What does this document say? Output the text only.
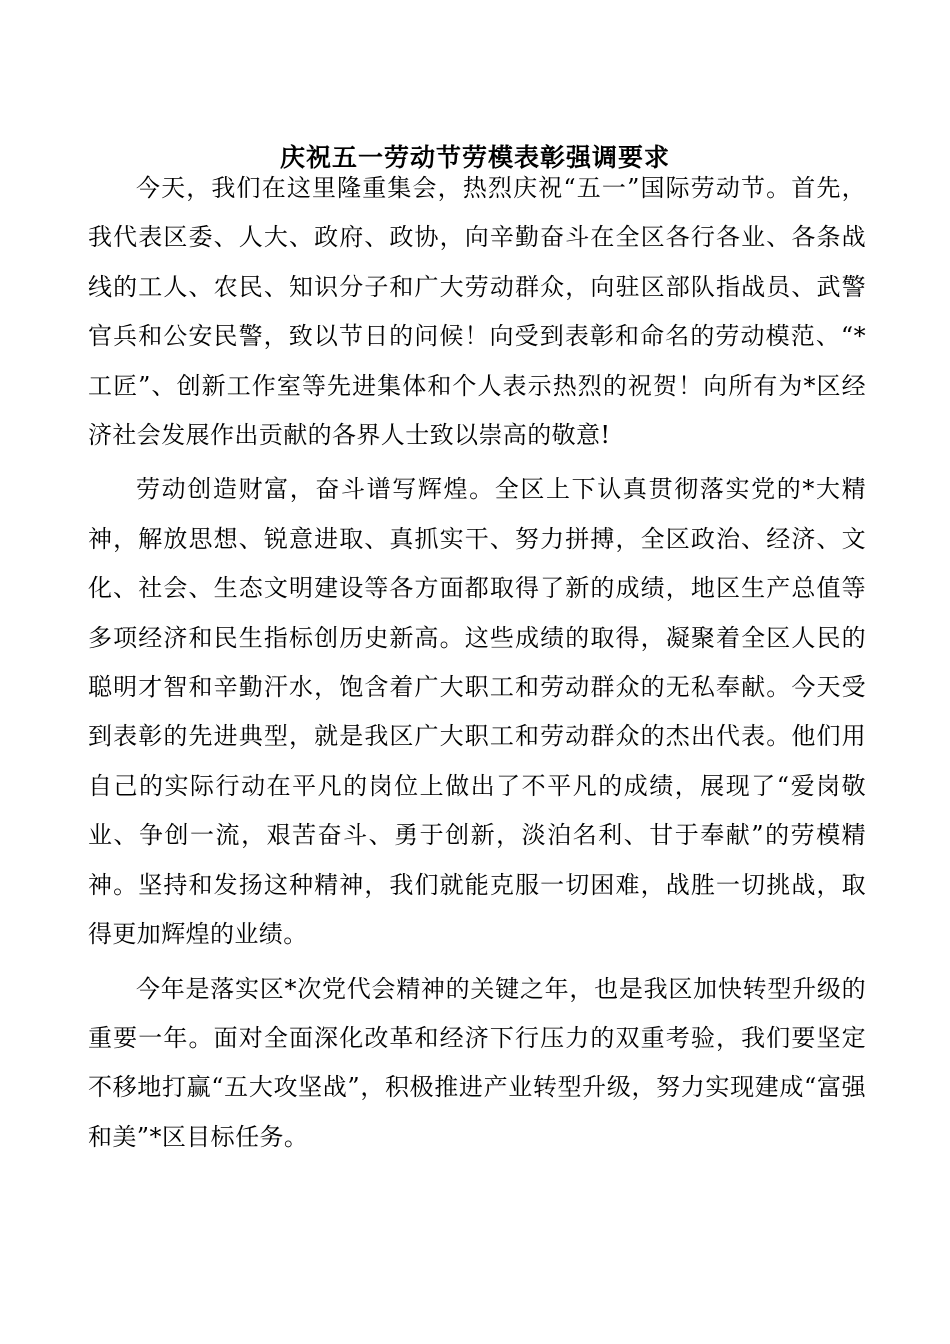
庆祝五一劳动节劳模表彰强调要求

今天，我们在这里隆重集会，热烈庆祝“五一”国际劳动节。首先，我代表区委、人大、政府、政协，向辛勤奋斗在全区各行各业、各条战线的工人、农民、知识分子和广大劳动群众，向驻区部队指战员、武警官兵和公安民警，致以节日的问候！向受到表彰和命名的劳动模范、“*工匠”、创新工作室等先进集体和个人表示热烈的祝贺！向所有为*区经济社会发展作出贡献的各界人士致以崇高的敬意!

劳动创造财富，奋斗谱写辉煌。全区上下认真贯彻落实党的*大精神，解放思想、锐意进取、真抓实干、努力拼搏，全区政治、经济、文化、社会、生态文明建设等各方面都取得了新的成绩，地区生产总值等多项经济和民生指标创历史新高。这些成绩的取得，凝聚着全区人民的聪明才智和辛勤汗水，饱含着广大职工和劳动群众的无私奉献。今天受到表彰的先进典型，就是我区广大职工和劳动群众的杰出代表。他们用自己的实际行动在平凡的岗位上做出了不平凡的成绩，展现了“爱岗敬业、争创一流，艰苦奋斗、勇于创新，淡泊名利、甘于奉献”的劳模精神。坚持和发扬这种精神，我们就能克服一切困难，战胜一切挑战，取得更加辉煌的业绩。

今年是落实区*次党代会精神的关键之年，也是我区加快转型升级的重要一年。面对全面深化改革和经济下行压力的双重考验，我们要坚定不移地打赢“五大攻坚战”，积极推进产业转型升级，努力实现建成“富强和美”*区目标任务。
